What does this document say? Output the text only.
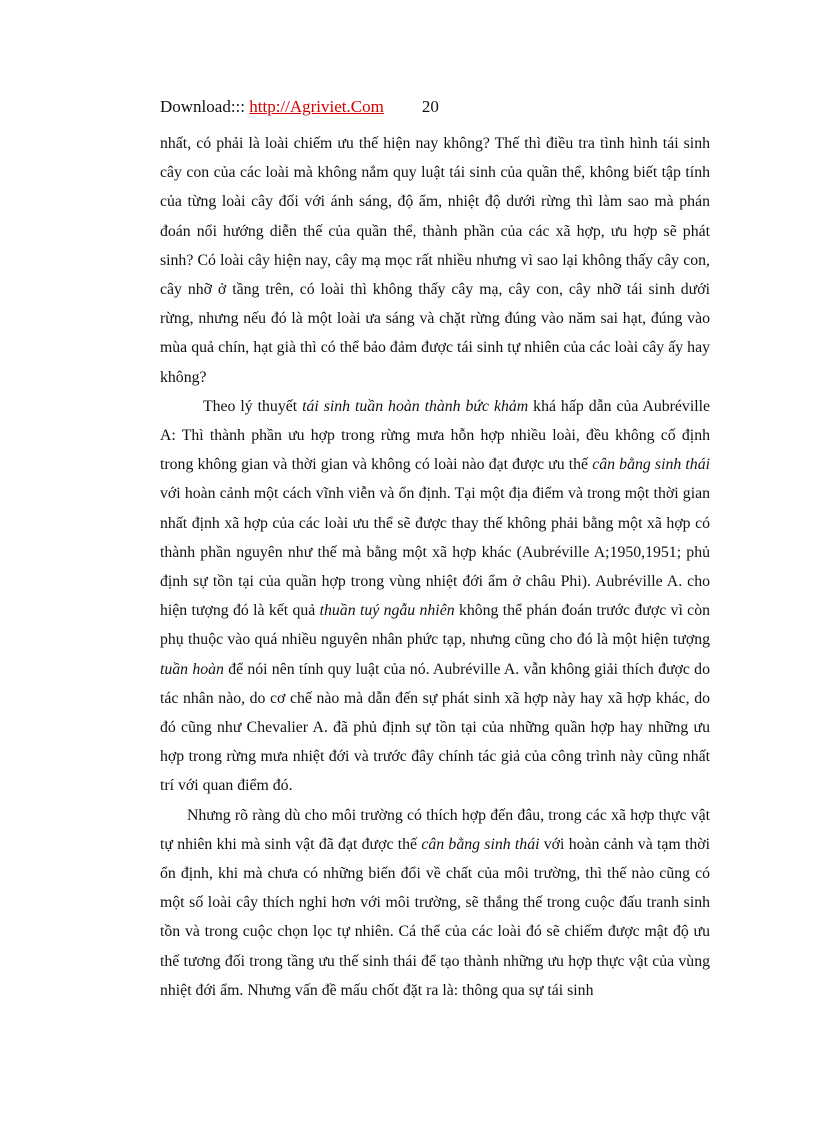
Download::: http://Agriviet.Com 20

nhất, có phải là loài chiếm ưu thế hiện nay không? Thế thì điều tra tình hình tái sinh cây con của các loài mà không nắm quy luật tái sinh của quần thể, không biết tập tính của từng loài cây đối với ánh sáng, độ ẩm, nhiệt độ dưới rừng thì làm sao mà phán đoán nổi hướng diễn thế của quần thể, thành phần của các xã hợp, ưu hợp sẽ phát sinh? Có loài cây hiện nay, cây mạ mọc rất nhiều nhưng vì sao lại không thấy cây con, cây nhỡ ở tầng trên, có loài thì không thấy cây mạ, cây con, cây nhỡ tái sinh dưới rừng, nhưng nếu đó là một loài ưa sáng và chặt rừng đúng vào năm sai hạt, đúng vào mùa quả chín, hạt già thì có thể bảo đảm được tái sinh tự nhiên của các loài cây ấy hay không?

Theo lý thuyết tái sinh tuần hoàn thành bức khảm khá hấp dẫn của Aubréville A: Thì thành phần ưu hợp trong rừng mưa hỗn hợp nhiều loài, đều không cố định trong không gian và thời gian và không có loài nào đạt được ưu thế cân bằng sinh thái với hoàn cảnh một cách vĩnh viễn và ổn định. Tại một địa điểm và trong một thời gian nhất định xã hợp của các loài ưu thể sẽ được thay thế không phải bằng một xã hợp có thành phần nguyên như thế mà bằng một xã hợp khác (Aubréville A;1950,1951; phủ định sự tồn tại của quần hợp trong vùng nhiệt đới ẩm ở châu Phi). Aubréville A. cho hiện tượng đó là kết quả thuần tuý ngẫu nhiên không thể phán đoán trước được vì còn phụ thuộc vào quá nhiều nguyên nhân phức tạp, nhưng cũng cho đó là một hiện tượng tuần hoàn để nói nên tính quy luật của nó. Aubréville A. vẫn không giải thích được do tác nhân nào, do cơ chế nào mà dẫn đến sự phát sinh xã hợp này hay xã hợp khác, do đó cũng như Chevalier A. đã phủ định sự tồn tại của những quần hợp hay những ưu hợp trong rừng mưa nhiệt đới và trước đây chính tác giả của công trình này cũng nhất trí với quan điểm đó.

Nhưng rõ ràng dù cho môi trường có thích hợp đến đâu, trong các xã hợp thực vật tự nhiên khi mà sinh vật đã đạt được thế cân bằng sinh thái với hoàn cảnh và tạm thời ổn định, khi mà chưa có những biến đổi về chất của môi trường, thì thế nào cũng có một số loài cây thích nghi hơn với môi trường, sẽ thắng thế trong cuộc đấu tranh sinh tồn và trong cuộc chọn lọc tự nhiên. Cá thể của các loài đó sẽ chiếm được mật độ ưu thế tương đối trong tầng ưu thế sinh thái để tạo thành những ưu hợp thực vật của vùng nhiệt đới ẩm. Nhưng vấn đề mấu chốt đặt ra là: thông qua sự tái sinh
